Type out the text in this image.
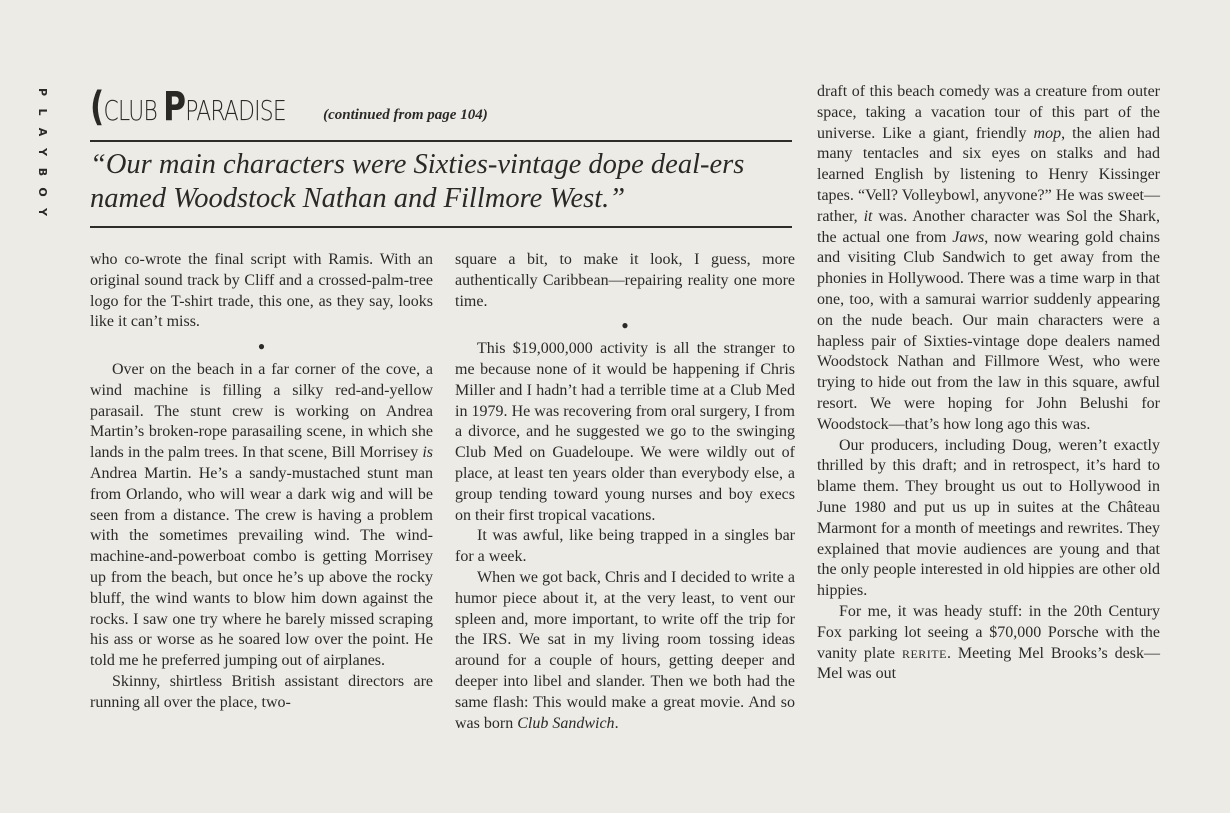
P
L
A
Y
B
O
Y
(CLUB PPARADISE (continued from page 104)
“Our main characters were Sixties-vintage dope deal-ers named Woodstock Nathan and Fillmore West.”

who co-wrote the final script with Ramis. With an original sound track by Cliff and a crossed-palm-tree logo for the T-shirt trade, this one, as they say, looks like it can’t miss.

●

Over on the beach in a far corner of the cove, a wind machine is filling a silky red-and-yellow parasail. The stunt crew is working on Andrea Martin’s broken-rope parasailing scene, in which she lands in the palm trees. In that scene, Bill Morrisey is Andrea Martin. He’s a sandy-mustached stunt man from Orlando, who will wear a dark wig and will be seen from a distance. The crew is having a problem with the sometimes prevailing wind. The wind-machine-and-powerboat combo is getting Morrisey up from the beach, but once he’s up above the rocky bluff, the wind wants to blow him down against the rocks. I saw one try where he barely missed scraping his ass or worse as he soared low over the point. He told me he preferred jumping out of airplanes.

Skinny, shirtless British assistant directors are running all over the place, two-

square a bit, to make it look, I guess, more authentically Caribbean—repairing reality one more time.

●

This $19,000,000 activity is all the stranger to me because none of it would be happening if Chris Miller and I hadn’t had a terrible time at a Club Med in 1979. He was recovering from oral surgery, I from a divorce, and he suggested we go to the swinging Club Med on Guadeloupe. We were wildly out of place, at least ten years older than everybody else, a group tending toward young nurses and boy execs on their first tropical vacations.

It was awful, like being trapped in a singles bar for a week.

When we got back, Chris and I decided to write a humor piece about it, at the very least, to vent our spleen and, more important, to write off the trip for the IRS. We sat in my living room tossing ideas around for a couple of hours, getting deeper and deeper into libel and slander. Then we both had the same flash: This would make a great movie. And so was born Club Sandwich.

draft of this beach comedy was a creature from outer space, taking a vacation tour of this part of the universe. Like a giant, friendly mop, the alien had many tentacles and six eyes on stalks and had learned English by listening to Henry Kissinger tapes. “Vell? Volleybowl, anyvone?” He was sweet—rather, it was. Another character was Sol the Shark, the actual one from Jaws, now wearing gold chains and visiting Club Sandwich to get away from the phonies in Hollywood. There was a time warp in that one, too, with a samurai warrior suddenly appearing on the nude beach. Our main characters were a hapless pair of Sixties-vintage dope dealers named Woodstock Nathan and Fillmore West, who were trying to hide out from the law in this square, awful resort. We were hoping for John Belushi for Woodstock—that’s how long ago this was.

Our producers, including Doug, weren’t exactly thrilled by this draft; and in retrospect, it’s hard to blame them. They brought us out to Hollywood in June 1980 and put us up in suites at the Château Marmont for a month of meetings and rewrites. They explained that movie audiences are young and that the only people interested in old hippies are other old hippies.

For me, it was heady stuff: in the 20th Century Fox parking lot seeing a $70,000 Porsche with the vanity plate RERITE. Meeting Mel Brooks’s desk—Mel was out
